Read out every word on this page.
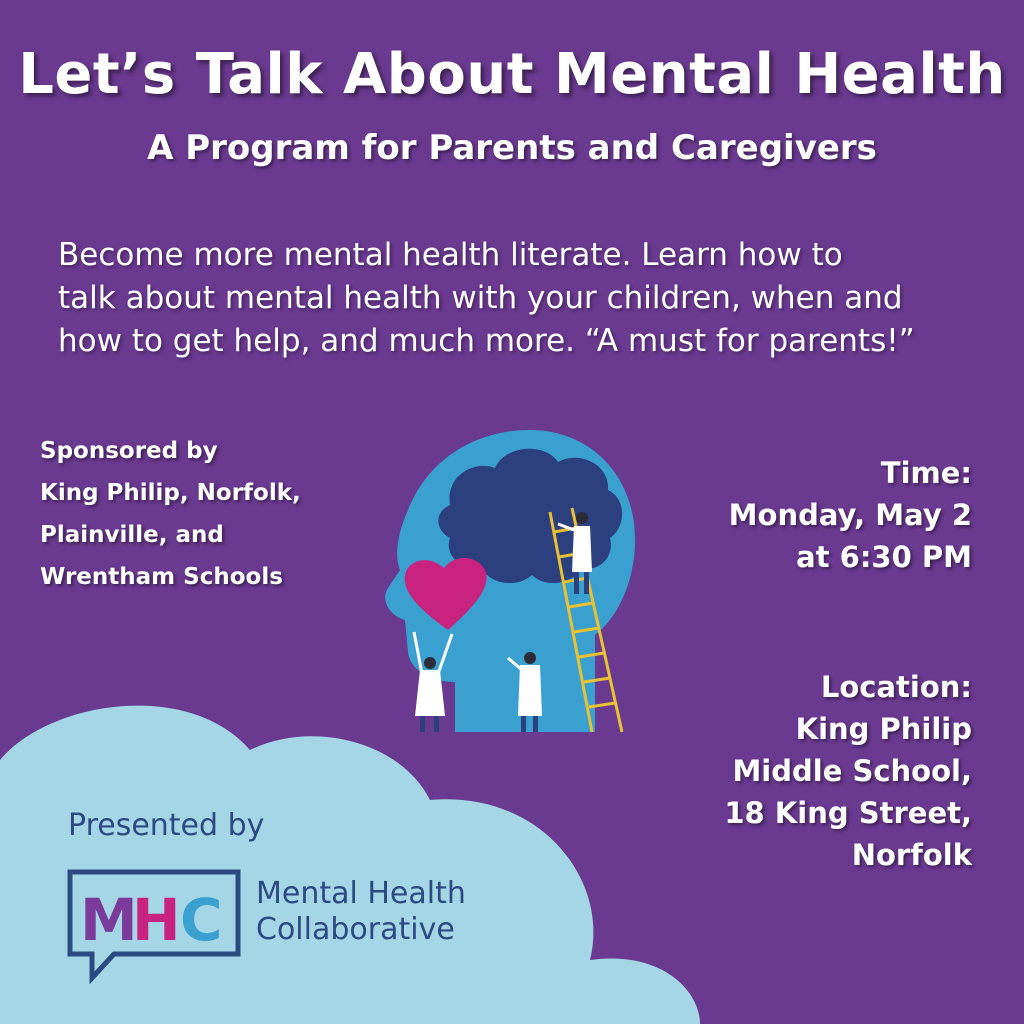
Let’s Talk About Mental Health
A Program for Parents and Caregivers
Become more mental health literate. Learn how to
talk about mental health with your children, when and
how to get help, and much more. “A must for parents!”
Sponsored by
King Philip, Norfolk,
Plainville, and
Wrentham Schools
Time:
Monday, May 2
at 6:30 PM
Location:
King Philip
Middle School,
18 King Street,
Norfolk
Presented by
M
H C Mental Health
Collaborative
